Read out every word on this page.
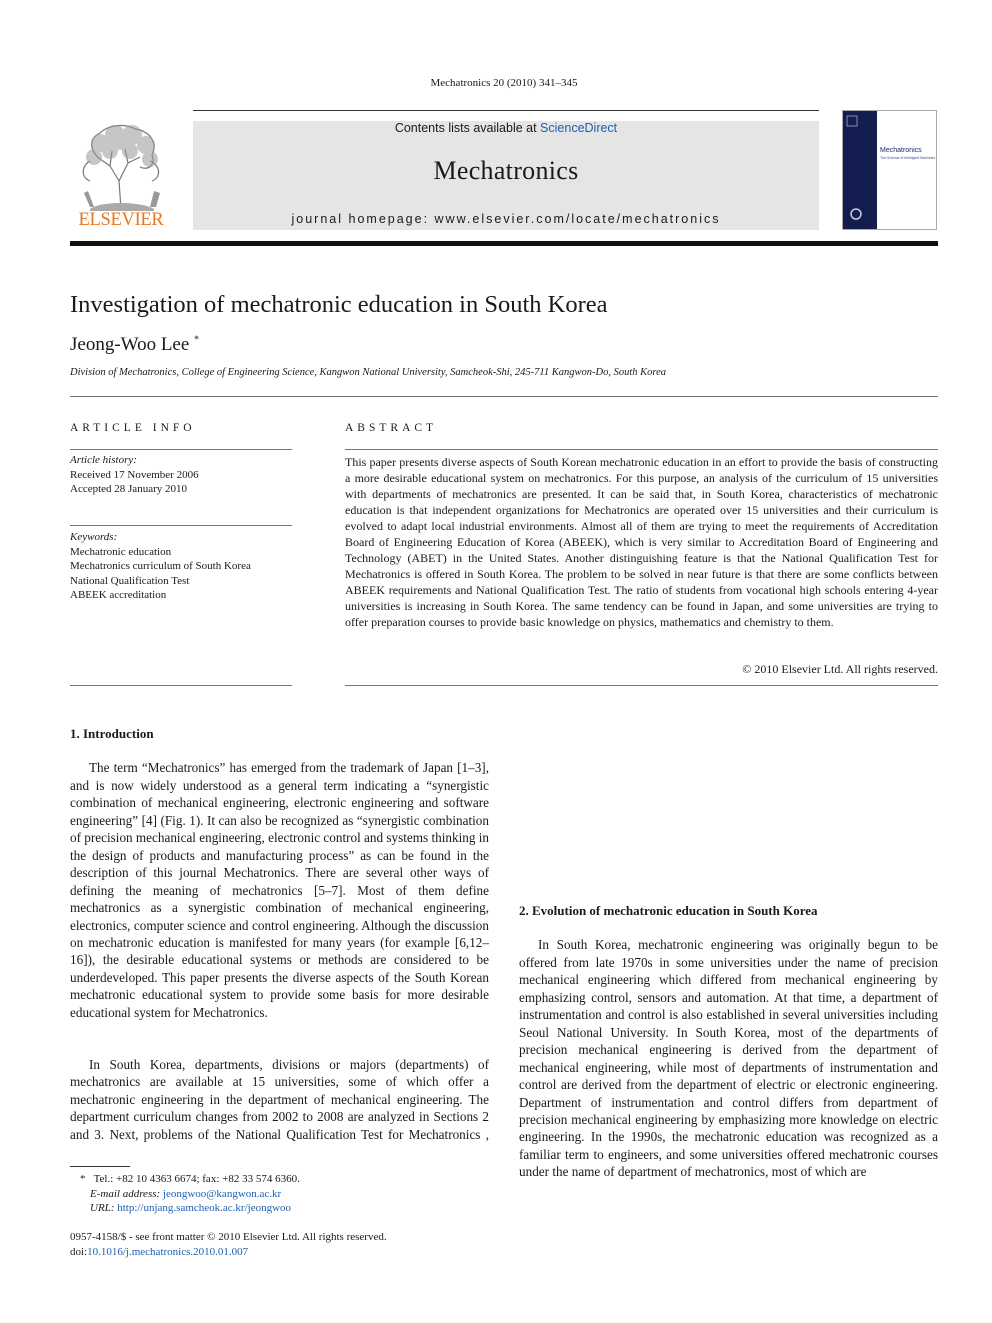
Mechatronics 20 (2010) 341–345
ELSEVIER
Contents lists available at ScienceDirect
Mechatronics
journal homepage: www.elsevier.com/locate/mechatronics
Mechatronics
The Science of Intelligent Machines
Investigation of mechatronic education in South Korea
Jeong-Woo Lee *
Division of Mechatronics, College of Engineering Science, Kangwon National University, Samcheok-Shi, 245-711 Kangwon-Do, South Korea
ARTICLE INFO
Article history:
Received 17 November 2006
Accepted 28 January 2010
Keywords:
Mechatronic education
Mechatronics curriculum of South Korea
National Qualification Test
ABEEK accreditation
ABSTRACT
This paper presents diverse aspects of South Korean mechatronic education in an effort to provide the basis of constructing a more desirable educational system on mechatronics. For this purpose, an analysis of the curriculum of 15 universities with departments of mechatronics are presented. It can be said that, in South Korea, characteristics of mechatronic education is that independent organizations for Mechatronics are operated over 15 universities and their curriculum is evolved to adapt local industrial environments. Almost all of them are trying to meet the requirements of Accreditation Board of Engineering Education of Korea (ABEEK), which is very similar to Accreditation Board of Engineering and Technology (ABET) in the United States. Another distinguishing feature is that the National Qualification Test for Mechatronics is offered in South Korea. The problem to be solved in near future is that there are some conflicts between ABEEK requirements and National Qualification Test. The ratio of students from vocational high schools entering 4-year universities is increasing in South Korea. The same tendency can be found in Japan, and some universities are trying to offer preparation courses to provide basic knowledge on physics, mathematics and chemistry to them.
© 2010 Elsevier Ltd. All rights reserved.

1. Introduction

The term “Mechatronics” has emerged from the trademark of Japan [1–3], and is now widely understood as a general term indicating a “synergistic combination of mechanical engineering, electronic engineering and software engineering” [4] (Fig. 1). It can also be recognized as “synergistic combination of precision mechanical engineering, electronic control and systems thinking in the design of products and manufacturing process” as can be found in the description of this journal Mechatronics. There are several other ways of defining the meaning of mechatronics [5–7]. Most of them define mechatronics as a synergistic combination of mechanical engineering, electronics, computer science and control engineering. Although the discussion on mechatronic education is manifested for many years (for example [6,12–16]), the desirable educational systems or methods are considered to be underdeveloped. This paper presents the diverse aspects of the South Korean mechatronic educational system to provide some basis for more desirable educational system for Mechatronics.

In South Korea, departments, divisions or majors (departments) of mechatronics are available at 15 universities, some of which offer a mechatronic engineering in the department of mechanical engineering. The department curriculum changes from 2002 to 2008 are analyzed in Sections 2 and 3. Next, problems of the National Qualification Test for Mechatronics ,

* Tel.: +82 10 4363 6674; fax: +82 33 574 6360.
E-mail address: jeongwoo@kangwon.ac.kr
URL: http://unjang.samcheok.ac.kr/jeongwoo
0957-4158/$ - see front matter © 2010 Elsevier Ltd. All rights reserved.
doi:10.1016/j.mechatronics.2010.01.007

2. Evolution of mechatronic education in South Korea

In South Korea, mechatronic engineering was originally begun to be offered from late 1970s in some universities under the name of precision mechanical engineering which differed from mechanical engineering by emphasizing control, sensors and automation. At that time, a department of instrumentation and control is also established in several universities including Seoul National University. In South Korea, most of the departments of precision mechanical engineering is derived from the department of mechanical engineering, while most of departments of instrumentation and control are derived from the department of electric or electronic engineering. Department of instrumentation and control differs from department of precision mechanical engineering by emphasizing more knowledge on electric engineering. In the 1990s, the mechatronic education was recognized as a familiar term to engineers, and some universities offered mechatronic courses under the name of department of mechatronics, most of which are
